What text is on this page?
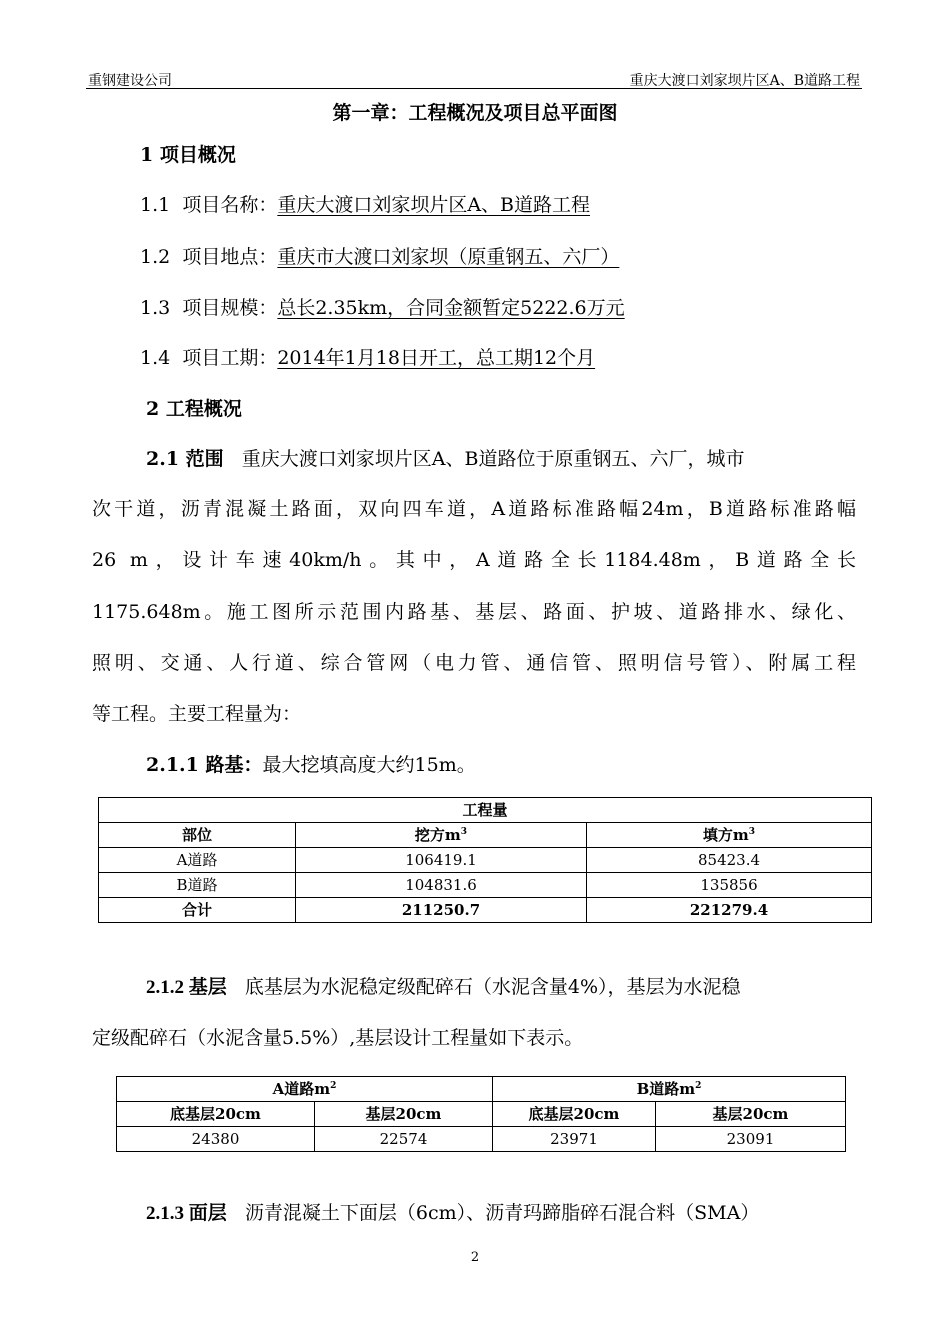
重钢建设公司	重庆大渡口刘家坝片区A、B道路工程
第一章：工程概况及项目总平面图
1 项目概况
1.1 项目名称：重庆大渡口刘家坝片区A、B道路工程
1.2 项目地点：重庆市大渡口刘家坝（原重钢五、六厂）
1.3 项目规模：总长2.35km，合同金额暂定5222.6万元
1.4 项目工期：2014年1月18日开工，总工期12个月
2 工程概况
2.1 范围 重庆大渡口刘家坝片区A、B道路位于原重钢五、六厂，城市
次干道，沥青混凝土路面，双向四车道，A道路标准路幅24m，B道路标准路幅
26 m，设计车速40km/h。其中，A道路全长1184.48m，B道路全长
1175.648m。施工图所示范围内路基、基层、路面、护坡、道路排水、绿化、
照明、交通、人行道、综合管网（电力管、通信管、照明信号管）、附属工程
等工程。主要工程量为：
2.1.1 路基：最大挖填高度大约15m。
工程量		
部位	挖方$m^3$	填方$m^3$
A道路	106419.1	85423.4
B道路	104831.6	135856
合计	211250.7	221279.4
2.1.2 基层 底基层为水泥稳定级配碎石（水泥含量4%），基层为水泥稳
定级配碎石（水泥含量5.5%）,基层设计工程量如下表示。
A道路$m^2$		B道路$m^2$
底基层20cm	基层20cm	底基层20cm	基层20cm
24380	22574	23971	23091
2.1.3 面层 沥青混凝土下面层（6cm）、沥青玛蹄脂碎石混合料（SMA）
2
